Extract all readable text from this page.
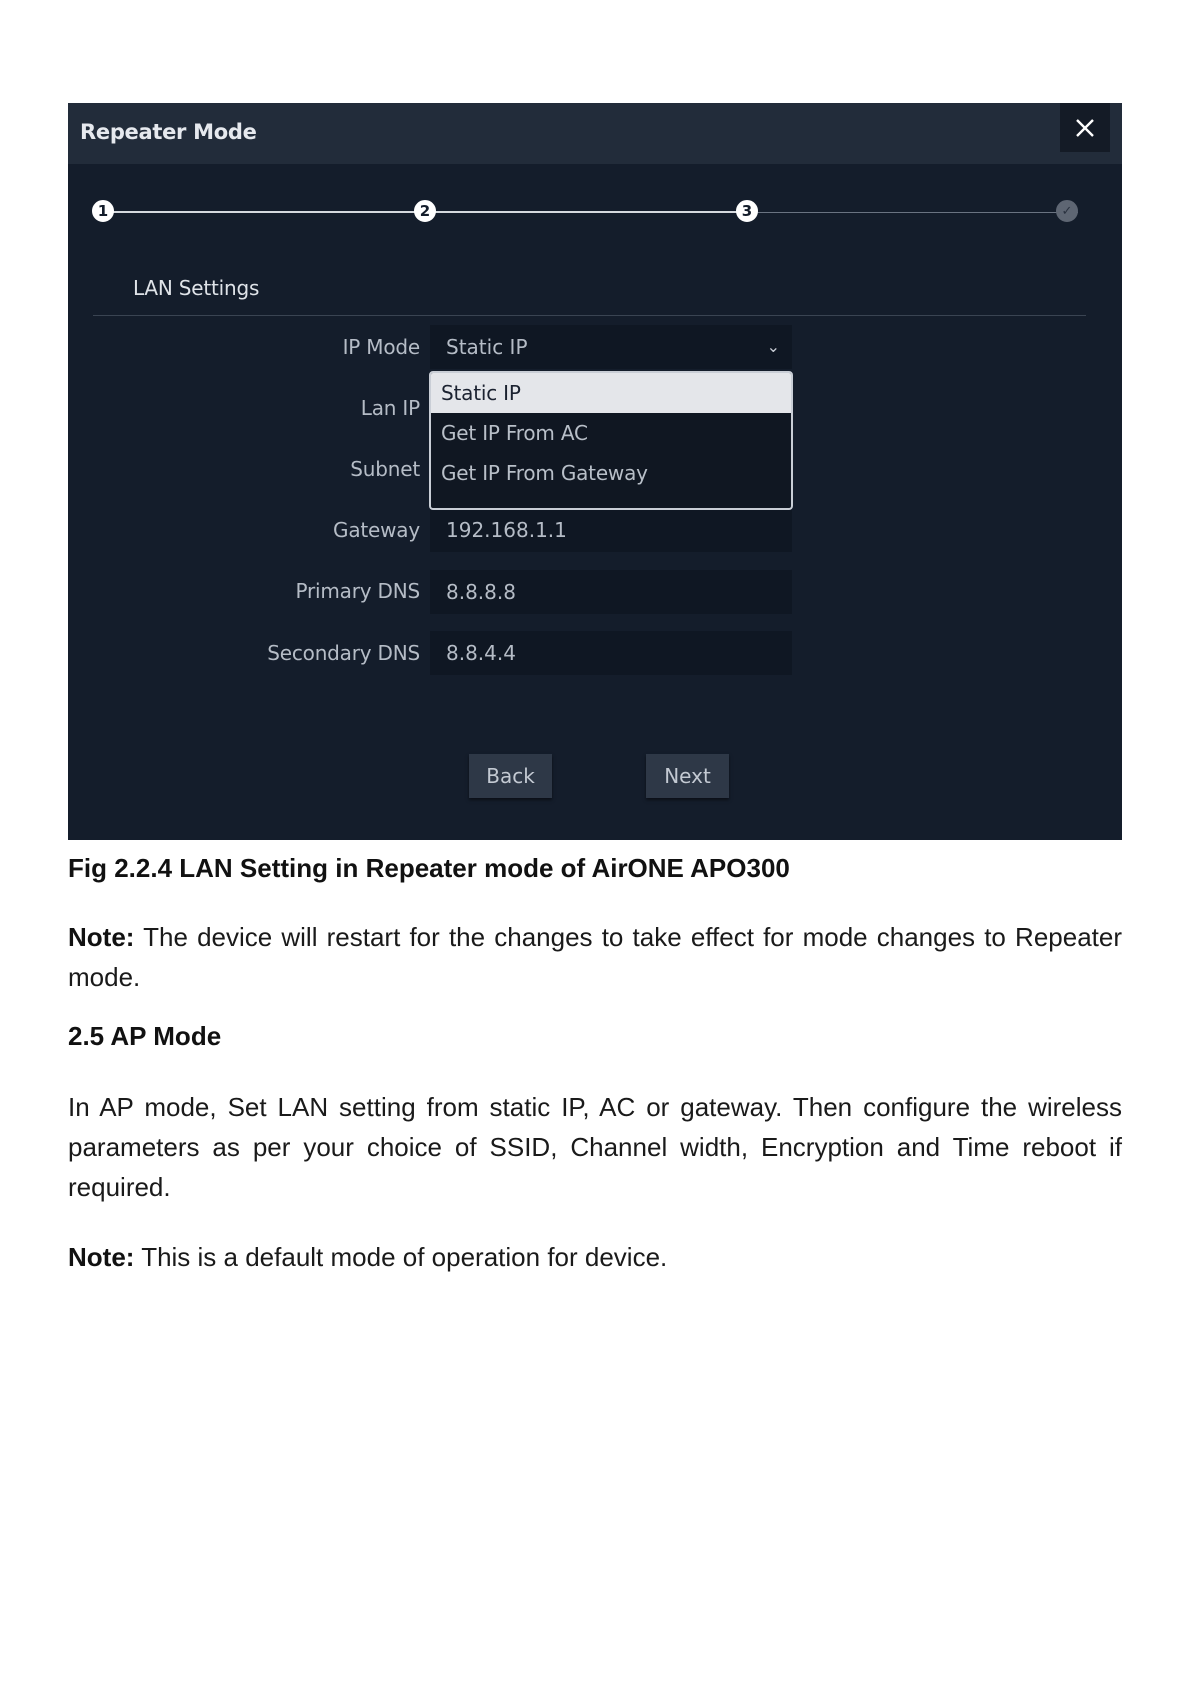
Repeater Mode
1	2	3	✓
LAN Settings
IP Mode	Static IP	⌄
Lan IP
Subnet
Gateway	192.168.1.1
Primary DNS	8.8.8.8
Secondary DNS	8.8.4.4
Static IP
Get IP From AC
Get IP From Gateway
Back	Next
Fig 2.2.4 LAN Setting in Repeater mode of AirONE APO300
Note: The device will restart for the changes to take effect for mode changes to Repeater mode.
2.5 AP Mode
In AP mode, Set LAN setting from static IP, AC or gateway. Then configure the wireless parameters as per your choice of SSID, Channel width, Encryption and Time reboot if required.
Note: This is a default mode of operation for device.
